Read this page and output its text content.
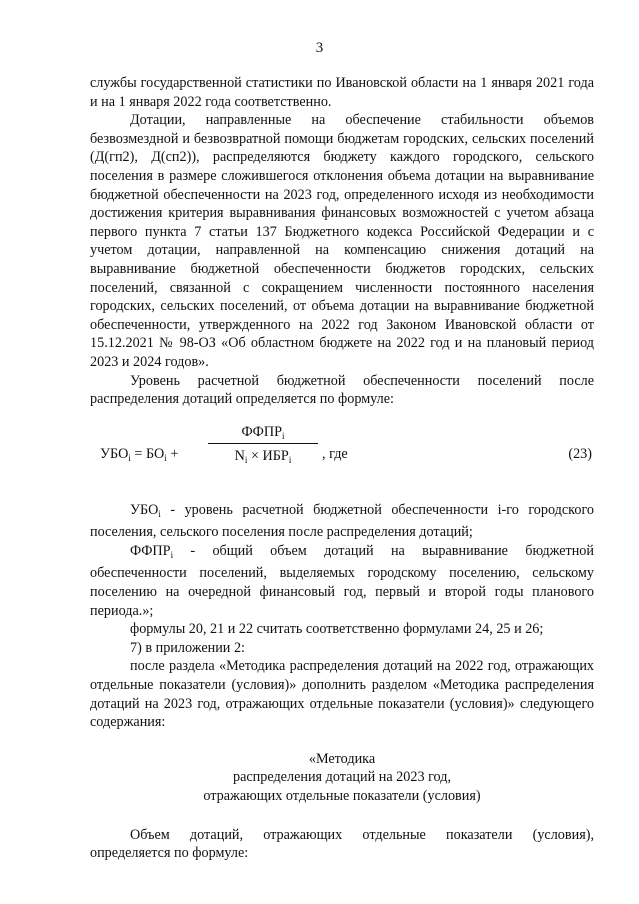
3

службы государственной статистики по Ивановской области на 1 января 2021 года и на 1 января 2022 года соответственно.

Дотации, направленные на обеспечение стабильности объемов безвозмездной и безвозвратной помощи бюджетам городских, сельских поселений (Д(гп2), Д(сп2)), распределяются бюджету каждого городского, сельского поселения в размере сложившегося отклонения объема дотации на выравнивание бюджетной обеспеченности на 2023 год, определенного исходя из необходимости достижения критерия выравнивания финансовых возможностей с учетом абзаца первого пункта 7 статьи 137 Бюджетного кодекса Российской Федерации и с учетом дотации, направленной на компенсацию снижения дотаций на выравнивание бюджетной обеспеченности бюджетов городских, сельских поселений, связанной с сокращением численности постоянного населения городских, сельских поселений, от объема дотации на выравнивание бюджетной обеспеченности, утвержденного на 2022 год Законом Ивановской области от 15.12.2021 № 98-ОЗ «Об областном бюджете на 2022 год и на плановый период 2023 и 2024 годов».

Уровень расчетной бюджетной обеспеченности поселений после распределения дотаций определяется по формуле:

$УБО_i = БО_i$ +
$ФФПР_i$
$N_i \times ИБР_i$	, где	(23)

$УБО_i$ - уровень расчетной бюджетной обеспеченности i-го городского поселения, сельского поселения после распределения дотаций;

$ФФПР_i$ - общий объем дотаций на выравнивание бюджетной обеспеченности поселений, выделяемых городскому поселению, сельскому поселению на очередной финансовый год, первый и второй годы планового периода.»;

формулы 20, 21 и 22 считать соответственно формулами 24, 25 и 26;

7) в приложении 2:

после раздела «Методика распределения дотаций на 2022 год, отражающих отдельные показатели (условия)» дополнить разделом «Методика распределения дотаций на 2023 год, отражающих отдельные показатели (условия)» следующего содержания:

«Методика
распределения дотаций на 2023 год,
отражающих отдельные показатели (условия)

Объем дотаций, отражающих отдельные показатели (условия), определяется по формуле:
